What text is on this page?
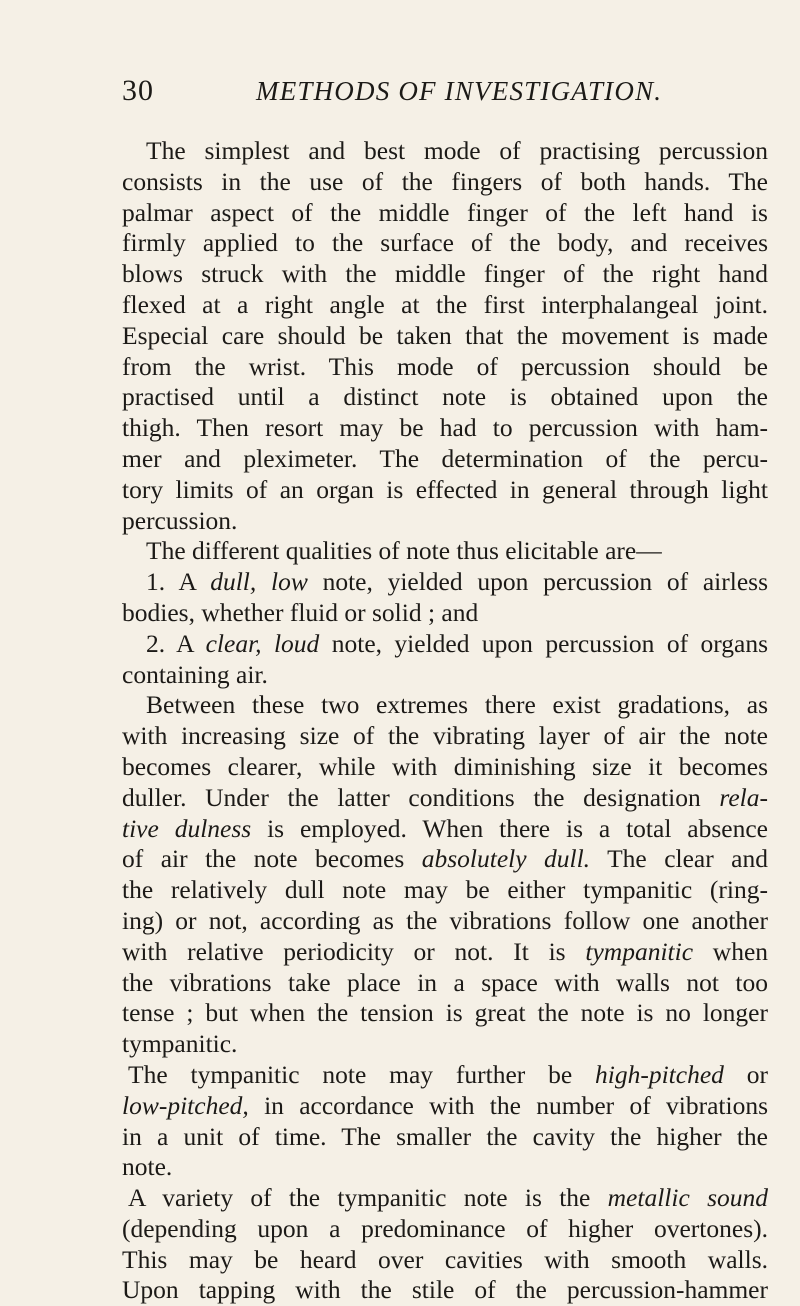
30	METHODS OF INVESTIGATION.
The simplest and best mode of practising percussion
consists in the use of the fingers of both hands. The
palmar aspect of the middle finger of the left hand is
firmly applied to the surface of the body, and receives
blows struck with the middle finger of the right hand
flexed at a right angle at the first interphalangeal joint.
Especial care should be taken that the movement is made
from the wrist. This mode of percussion should be
practised until a distinct note is obtained upon the
thigh. Then resort may be had to percussion with ham-
mer and pleximeter. The determination of the percu-
tory limits of an organ is effected in general through light
percussion.
The different qualities of note thus elicitable are—
1. A dull, low note, yielded upon percussion of airless
bodies, whether fluid or solid ; and
2. A clear, loud note, yielded upon percussion of organs
containing air.
Between these two extremes there exist gradations, as
with increasing size of the vibrating layer of air the note
becomes clearer, while with diminishing size it becomes
duller. Under the latter conditions the designation rela-
tive dulness is employed. When there is a total absence
of air the note becomes absolutely dull. The clear and
the relatively dull note may be either tympanitic (ring-
ing) or not, according as the vibrations follow one another
with relative periodicity or not. It is tympanitic when
the vibrations take place in a space with walls not too
tense ; but when the tension is great the note is no longer
tympanitic.
The tympanitic note may further be high-pitched or
low-pitched, in accordance with the number of vibrations
in a unit of time. The smaller the cavity the higher the
note.
A variety of the tympanitic note is the metallic sound
(depending upon a predominance of higher overtones).
This may be heard over cavities with smooth walls.
Upon tapping with the stile of the percussion-hammer
